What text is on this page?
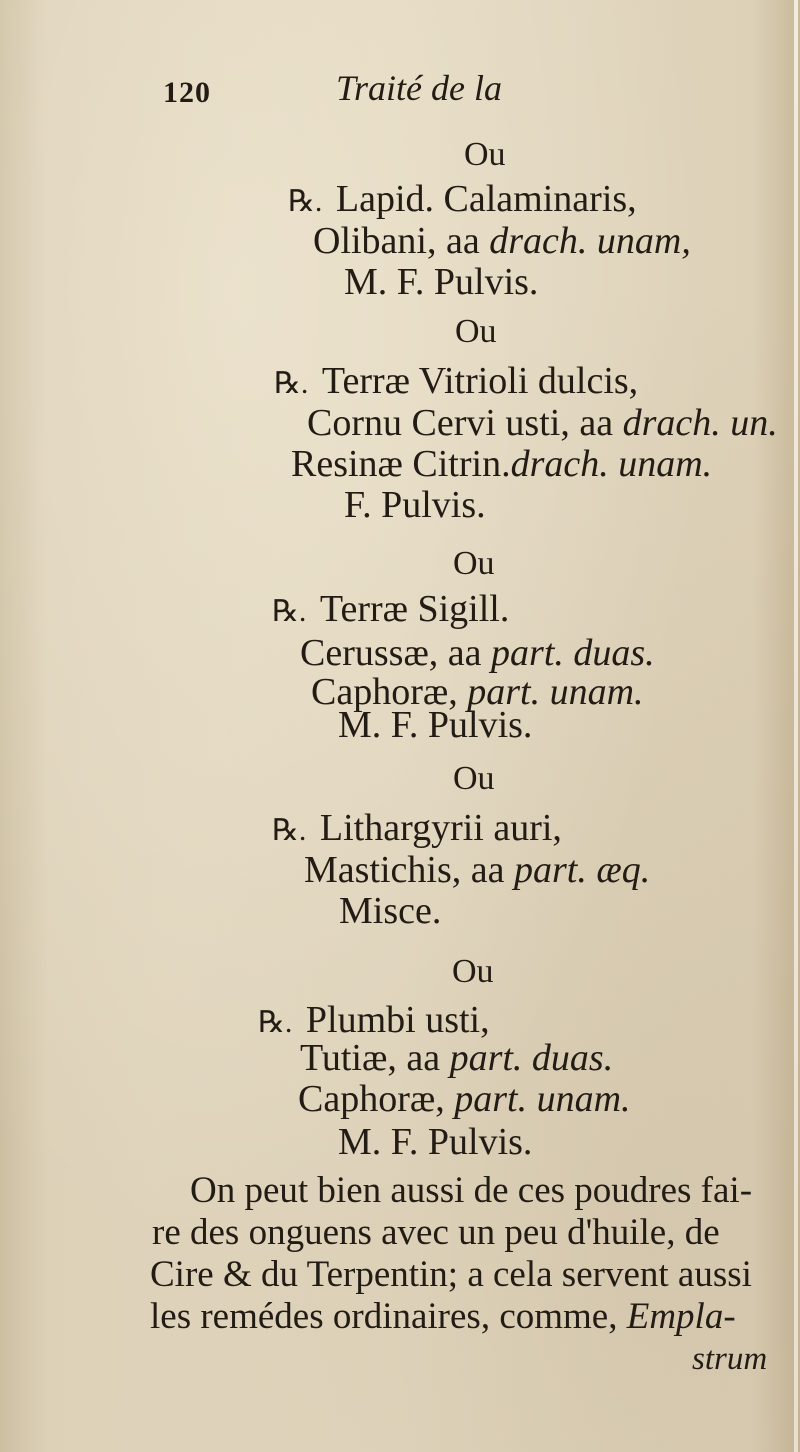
120	Traité de la
Ou
℞. Lapid. Calaminaris,
Olibani, aa drach. unam,
M. F. Pulvis.
Ou
℞. Terræ Vitrioli dulcis,
Cornu Cervi usti, aa drach. un.
Resinæ Citrin.drach. unam.
F. Pulvis.
Ou
℞. Terræ Sigill.
Cerussæ, aa part. duas.
Caphoræ, part. unam.
M. F. Pulvis.
Ou
℞. Lithargyrii auri,
Mastichis, aa part. æq.
Misce.
Ou
℞. Plumbi usti,
Tutiæ, aa part. duas.
Caphoræ, part. unam.
M. F. Pulvis.
On peut bien aussi de ces poudres fai-
re des onguens avec un peu d'huile, de
Cire & du Terpentin; a cela servent aussi
les remédes ordinaires, comme, Empla-
strum
